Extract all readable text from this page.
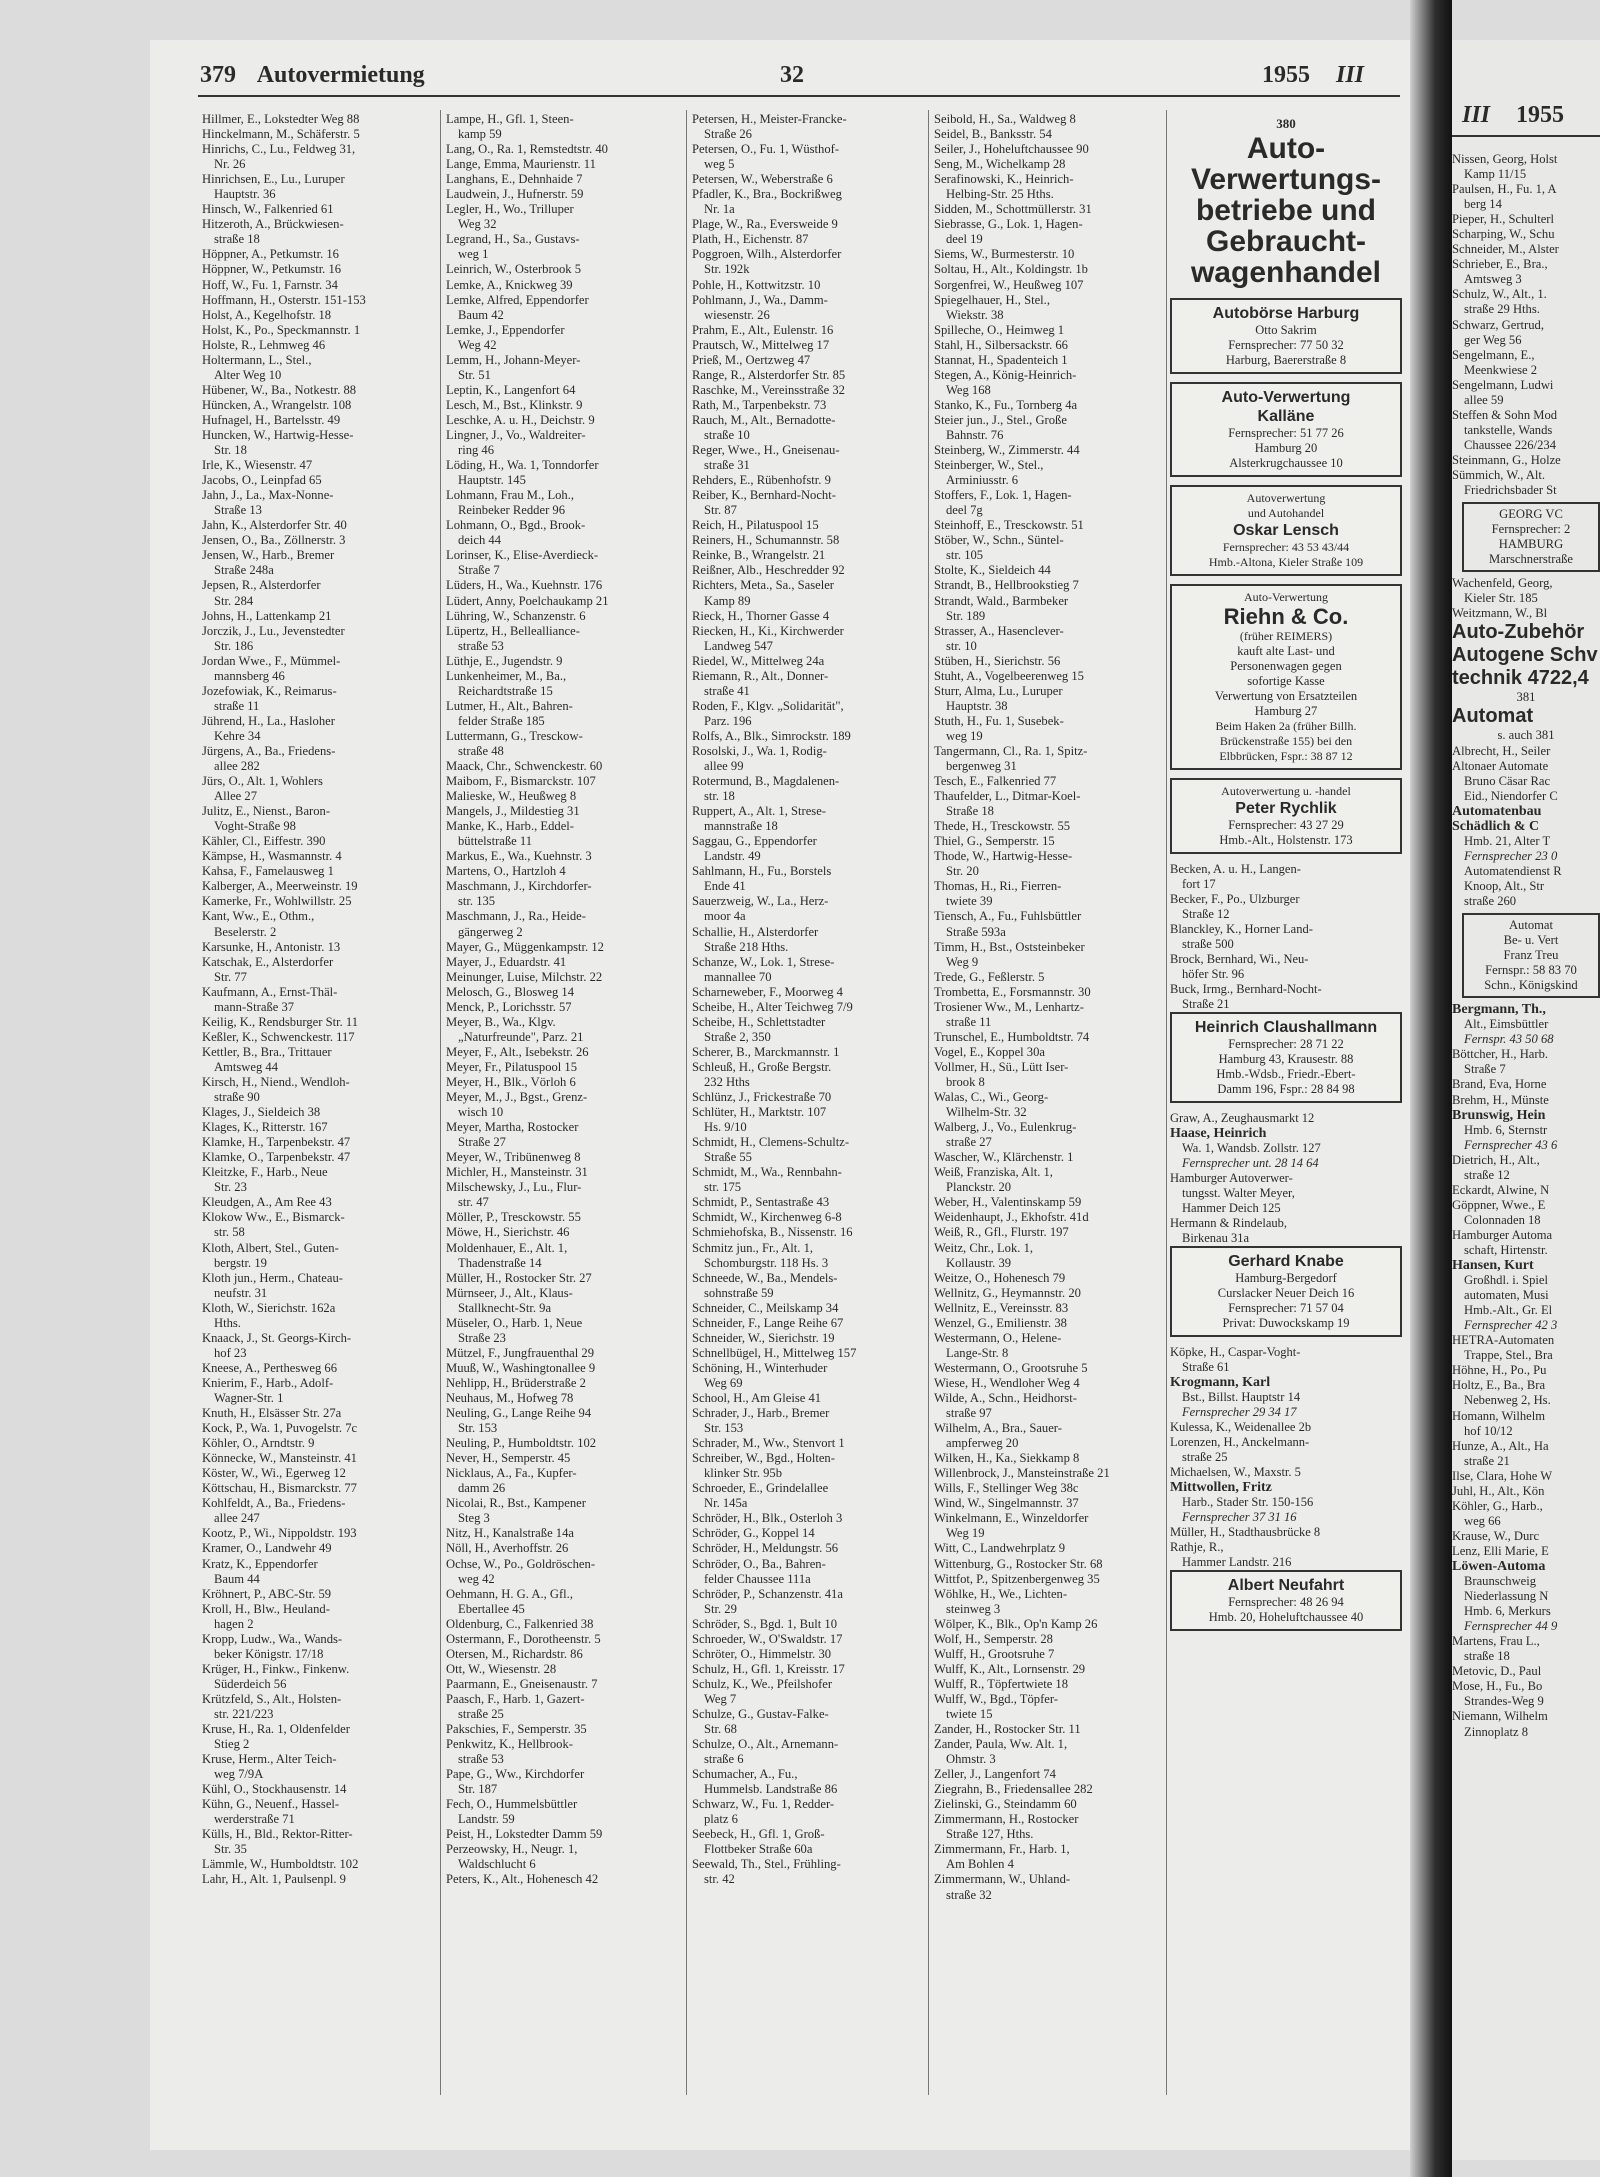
III 1955
Nissen, Georg, Holst
Kamp 11/15
Paulsen, H., Fu. 1, A
berg 14
Pieper, H., Schulterl
Scharping, W., Schu
Schneider, M., Alster
Schrieber, E., Bra.,
Amtsweg 3
Schulz, W., Alt., 1.
straße 29 Hths.
Schwarz, Gertrud,
ger Weg 56
Sengelmann, E.,
Meenkwiese 2
Sengelmann, Ludwi
allee 59
Steffen & Sohn Mod
tankstelle, Wands
Chaussee 226/234
Steinmann, G., Holze
Sümmich, W., Alt.
Friedrichsbader St
GEORG VC
Fernsprecher: 2
HAMBURG
Marschnerstraße
Wachenfeld, Georg,
Kieler Str. 185
Weitzmann, W., Bl
Auto-Zubehör
Autogene Schv
technik 4722,4
381
Automat
s. auch 381
Albrecht, H., Seiler
Altonaer Automate
Bruno Cäsar Rac
Eid., Niendorfer C
Automatenbau
Schädlich & C
Hmb. 21, Alter T
Fernsprecher 23 0
Automatendienst R
Knoop, Alt., Str
straße 260
Automat
Be- u. Vert
Franz Treu
Fernspr.: 58 83 70
Schn., Königskind
Bergmann, Th.,
Alt., Eimsbüttler
Fernspr. 43 50 68
Böttcher, H., Harb.
Straße 7
Brand, Eva, Horne
Brehm, H., Münste
Brunswig, Hein
Hmb. 6, Sternstr
Fernsprecher 43 6
Dietrich, H., Alt.,
straße 12
Eckardt, Alwine, N
Göppner, Wwe., E
Colonnaden 18
Hamburger Automa
schaft, Hirtenstr.
Hansen, Kurt
Großhdl. i. Spiel
automaten, Musi
Hmb.-Alt., Gr. El
Fernsprecher 42 3
HETRA-Automaten
Trappe, Stel., Bra
Höhne, H., Po., Pu
Holtz, E., Ba., Bra
Nebenweg 2, Hs.
Homann, Wilhelm
hof 10/12
Hunze, A., Alt., Ha
straße 21
Ilse, Clara, Hohe W
Juhl, H., Alt., Kön
Köhler, G., Harb.,
weg 66
Krause, W., Durc
Lenz, Elli Marie, E
Löwen-Automa
Braunschweig
Niederlassung N
Hmb. 6, Merkurs
Fernsprecher 44 9
Martens, Frau L.,
straße 18
Metovic, D., Paul
Mose, H., Fu., Bo
Strandes-Weg 9
Niemann, Wilhelm
Zinnoplatz 8
379 Autovermietung	32	1955 III
Hillmer, E., Lokstedter Weg 88
Hinckelmann, M., Schäferstr. 5
Hinrichs, C., Lu., Feldweg 31,
Nr. 26
Hinrichsen, E., Lu., Luruper
Hauptstr. 36
Hinsch, W., Falkenried 61
Hitzeroth, A., Brückwiesen-
straße 18
Höppner, A., Petkumstr. 16
Höppner, W., Petkumstr. 16
Hoff, W., Fu. 1, Farnstr. 34
Hoffmann, H., Osterstr. 151-153
Holst, A., Kegelhofstr. 18
Holst, K., Po., Speckmannstr. 1
Holste, R., Lehmweg 46
Holtermann, L., Stel.,
Alter Weg 10
Hübener, W., Ba., Notkestr. 88
Hüncken, A., Wrangelstr. 108
Hufnagel, H., Bartelsstr. 49
Huncken, W., Hartwig-Hesse-
Str. 18
Irle, K., Wiesenstr. 47
Jacobs, O., Leinpfad 65
Jahn, J., La., Max-Nonne-
Straße 13
Jahn, K., Alsterdorfer Str. 40
Jensen, O., Ba., Zöllnerstr. 3
Jensen, W., Harb., Bremer
Straße 248a
Jepsen, R., Alsterdorfer
Str. 284
Johns, H., Lattenkamp 21
Jorczik, J., Lu., Jevenstedter
Str. 186
Jordan Wwe., F., Mümmel-
mannsberg 46
Jozefowiak, K., Reimarus-
straße 11
Jührend, H., La., Hasloher
Kehre 34
Jürgens, A., Ba., Friedens-
allee 282
Jürs, O., Alt. 1, Wohlers
Allee 27
Julitz, E., Nienst., Baron-
Voght-Straße 98
Kähler, Cl., Eiffestr. 390
Kämpse, H., Wasmannstr. 4
Kahsa, F., Famelausweg 1
Kalberger, A., Meerweinstr. 19
Kamerke, Fr., Wohlwillstr. 25
Kant, Ww., E., Othm.,
Beselerstr. 2
Karsunke, H., Antonistr. 13
Katschak, E., Alsterdorfer
Str. 77
Kaufmann, A., Ernst-Thäl-
mann-Straße 37
Keilig, K., Rendsburger Str. 11
Keßler, K., Schwenckestr. 117
Kettler, B., Bra., Trittauer
Amtsweg 44
Kirsch, H., Niend., Wendloh-
straße 90
Klages, J., Sieldeich 38
Klages, K., Ritterstr. 167
Klamke, H., Tarpenbekstr. 47
Klamke, O., Tarpenbekstr. 47
Kleitzke, F., Harb., Neue
Str. 23
Kleudgen, A., Am Ree 43
Klokow Ww., E., Bismarck-
str. 58
Kloth, Albert, Stel., Guten-
bergstr. 19
Kloth jun., Herm., Chateau-
neufstr. 31
Kloth, W., Sierichstr. 162a
Hths.
Knaack, J., St. Georgs-Kirch-
hof 23
Kneese, A., Perthesweg 66
Knierim, F., Harb., Adolf-
Wagner-Str. 1
Knuth, H., Elsässer Str. 27a
Kock, P., Wa. 1, Puvogelstr. 7c
Köhler, O., Arndtstr. 9
Könnecke, W., Mansteinstr. 41
Köster, W., Wi., Egerweg 12
Köttschau, H., Bismarckstr. 77
Kohlfeldt, A., Ba., Friedens-
allee 247
Kootz, P., Wi., Nippoldstr. 193
Kramer, O., Landwehr 49
Kratz, K., Eppendorfer
Baum 44
Kröhnert, P., ABC-Str. 59
Kroll, H., Blw., Heuland-
hagen 2
Kropp, Ludw., Wa., Wands-
beker Königstr. 17/18
Krüger, H., Finkw., Finkenw.
Süderdeich 56
Krützfeld, S., Alt., Holsten-
str. 221/223
Kruse, H., Ra. 1, Oldenfelder
Stieg 2
Kruse, Herm., Alter Teich-
weg 7/9A
Kühl, O., Stockhausenstr. 14
Kühn, G., Neuenf., Hassel-
werderstraße 71
Külls, H., Bld., Rektor-Ritter-
Str. 35
Lämmle, W., Humboldtstr. 102
Lahr, H., Alt. 1, Paulsenpl. 9
Lampe, H., Gfl. 1, Steen-
kamp 59
Lang, O., Ra. 1, Remstedtstr. 40
Lange, Emma, Maurienstr. 11
Langhans, E., Dehnhaide 7
Laudwein, J., Hufnerstr. 59
Legler, H., Wo., Trilluper
Weg 32
Legrand, H., Sa., Gustavs-
weg 1
Leinrich, W., Osterbrook 5
Lemke, A., Knickweg 39
Lemke, Alfred, Eppendorfer
Baum 42
Lemke, J., Eppendorfer
Weg 42
Lemm, H., Johann-Meyer-
Str. 51
Leptin, K., Langenfort 64
Lesch, M., Bst., Klinkstr. 9
Leschke, A. u. H., Deichstr. 9
Lingner, J., Vo., Waldreiter-
ring 46
Löding, H., Wa. 1, Tonndorfer
Hauptstr. 145
Lohmann, Frau M., Loh.,
Reinbeker Redder 96
Lohmann, O., Bgd., Brook-
deich 44
Lorinser, K., Elise-Averdieck-
Straße 7
Lüders, H., Wa., Kuehnstr. 176
Lüdert, Anny, Poelchaukamp 21
Lühring, W., Schanzenstr. 6
Lüpertz, H., Bellealliance-
straße 53
Lüthje, E., Jugendstr. 9
Lunkenheimer, M., Ba.,
Reichardtstraße 15
Lutmer, H., Alt., Bahren-
felder Straße 185
Luttermann, G., Tresckow-
straße 48
Maack, Chr., Schwenckestr. 60
Maibom, F., Bismarckstr. 107
Malieske, W., Heußweg 8
Mangels, J., Mildestieg 31
Manke, K., Harb., Eddel-
büttelstraße 11
Markus, E., Wa., Kuehnstr. 3
Martens, O., Hartzloh 4
Maschmann, J., Kirchdorfer-
str. 135
Maschmann, J., Ra., Heide-
gängerweg 2
Mayer, G., Müggenkampstr. 12
Mayer, J., Eduardstr. 41
Meinunger, Luise, Milchstr. 22
Melosch, G., Blosweg 14
Menck, P., Lorichsstr. 57
Meyer, B., Wa., Klgv.
„Naturfreunde", Parz. 21
Meyer, F., Alt., Isebekstr. 26
Meyer, Fr., Pilatuspool 15
Meyer, H., Blk., Vörloh 6
Meyer, M., J., Bgst., Grenz-
wisch 10
Meyer, Martha, Rostocker
Straße 27
Meyer, W., Tribünenweg 8
Michler, H., Mansteinstr. 31
Milschewsky, J., Lu., Flur-
str. 47
Möller, P., Tresckowstr. 55
Möwe, H., Sierichstr. 46
Moldenhauer, E., Alt. 1,
Thadenstraße 14
Müller, H., Rostocker Str. 27
Mürnseer, J., Alt., Klaus-
Stallknecht-Str. 9a
Müseler, O., Harb. 1, Neue
Straße 23
Mützel, F., Jungfrauenthal 29
Muuß, W., Washingtonallee 9
Nehlipp, H., Brüderstraße 2
Neuhaus, M., Hofweg 78
Neuling, G., Lange Reihe 94
Str. 153
Neuling, P., Humboldtstr. 102
Never, H., Semperstr. 45
Nicklaus, A., Fa., Kupfer-
damm 26
Nicolai, R., Bst., Kampener
Steg 3
Nitz, H., Kanalstraße 14a
Nöll, H., Averhoffstr. 26
Ochse, W., Po., Goldröschen-
weg 42
Oehmann, H. G. A., Gfl.,
Ebertallee 45
Oldenburg, C., Falkenried 38
Ostermann, F., Dorotheenstr. 5
Otersen, M., Richardstr. 86
Ott, W., Wiesenstr. 28
Paarmann, E., Gneisenaustr. 7
Paasch, F., Harb. 1, Gazert-
straße 25
Pakschies, F., Semperstr. 35
Penkwitz, K., Hellbrook-
straße 53
Pape, G., Ww., Kirchdorfer
Str. 187
Fech, O., Hummelsbüttler
Landstr. 59
Peist, H., Lokstedter Damm 59
Perzeowsky, H., Neugr. 1,
Waldschlucht 6
Peters, K., Alt., Hohenesch 42
Petersen, H., Meister-Francke-
Straße 26
Petersen, O., Fu. 1, Wüsthof-
weg 5
Petersen, W., Weberstraße 6
Pfadler, K., Bra., Bockrißweg
Nr. 1a
Plage, W., Ra., Eversweide 9
Plath, H., Eichenstr. 87
Poggroen, Wilh., Alsterdorfer
Str. 192k
Pohle, H., Kottwitzstr. 10
Pohlmann, J., Wa., Damm-
wiesenstr. 26
Prahm, E., Alt., Eulenstr. 16
Prautsch, W., Mittelweg 17
Prieß, M., Oertzweg 47
Range, R., Alsterdorfer Str. 85
Raschke, M., Vereinsstraße 32
Rath, M., Tarpenbekstr. 73
Rauch, M., Alt., Bernadotte-
straße 10
Reger, Wwe., H., Gneisenau-
straße 31
Rehders, E., Rübenhofstr. 9
Reiber, K., Bernhard-Nocht-
Str. 87
Reich, H., Pilatuspool 15
Reiners, H., Schumannstr. 58
Reinke, B., Wrangelstr. 21
Reißner, Alb., Heschredder 92
Richters, Meta., Sa., Saseler
Kamp 89
Rieck, H., Thorner Gasse 4
Riecken, H., Ki., Kirchwerder
Landweg 547
Riedel, W., Mittelweg 24a
Riemann, R., Alt., Donner-
straße 41
Roden, F., Klgv. „Solidarität",
Parz. 196
Rolfs, A., Blk., Simrockstr. 189
Rosolski, J., Wa. 1, Rodig-
allee 99
Rotermund, B., Magdalenen-
str. 18
Ruppert, A., Alt. 1, Strese-
mannstraße 18
Saggau, G., Eppendorfer
Landstr. 49
Sahlmann, H., Fu., Borstels
Ende 41
Sauerzweig, W., La., Herz-
moor 4a
Schallie, H., Alsterdorfer
Straße 218 Hths.
Schanze, W., Lok. 1, Strese-
mannallee 70
Scharneweber, F., Moorweg 4
Scheibe, H., Alter Teichweg 7/9
Scheibe, H., Schlettstadter
Straße 2, 350
Scherer, B., Marckmannstr. 1
Schleuß, H., Große Bergstr.
232 Hths
Schlünz, J., Frickestraße 70
Schlüter, H., Marktstr. 107
Hs. 9/10
Schmidt, H., Clemens-Schultz-
Straße 55
Schmidt, M., Wa., Rennbahn-
str. 175
Schmidt, P., Sentastraße 43
Schmidt, W., Kirchenweg 6-8
Schmiehofska, B., Nissenstr. 16
Schmitz jun., Fr., Alt. 1,
Schomburgstr. 118 Hs. 3
Schneede, W., Ba., Mendels-
sohnstraße 59
Schneider, C., Meilskamp 34
Schneider, F., Lange Reihe 67
Schneider, W., Sierichstr. 19
Schnellbügel, H., Mittelweg 157
Schöning, H., Winterhuder
Weg 69
School, H., Am Gleise 41
Schrader, J., Harb., Bremer
Str. 153
Schrader, M., Ww., Stenvort 1
Schreiber, W., Bgd., Holten-
klinker Str. 95b
Schroeder, E., Grindelallee
Nr. 145a
Schröder, H., Blk., Osterloh 3
Schröder, G., Koppel 14
Schröder, H., Meldungstr. 56
Schröder, O., Ba., Bahren-
felder Chaussee 111a
Schröder, P., Schanzenstr. 41a
Str. 29
Schröder, S., Bgd. 1, Bult 10
Schroeder, W., O'Swaldstr. 17
Schröter, O., Himmelstr. 30
Schulz, H., Gfl. 1, Kreisstr. 17
Schulz, K., We., Pfeilshofer
Weg 7
Schulze, G., Gustav-Falke-
Str. 68
Schulze, O., Alt., Arnemann-
straße 6
Schumacher, A., Fu.,
Hummelsb. Landstraße 86
Schwarz, W., Fu. 1, Redder-
platz 6
Seebeck, H., Gfl. 1, Groß-
Flottbeker Straße 60a
Seewald, Th., Stel., Frühling-
str. 42
Seibold, H., Sa., Waldweg 8
Seidel, B., Banksstr. 54
Seiler, J., Hoheluftchaussee 90
Seng, M., Wichelkamp 28
Serafinowski, K., Heinrich-
Helbing-Str. 25 Hths.
Sidden, M., Schottmüllerstr. 31
Siebrasse, G., Lok. 1, Hagen-
deel 19
Siems, W., Burmesterstr. 10
Soltau, H., Alt., Koldingstr. 1b
Sorgenfrei, W., Heußweg 107
Spiegelhauer, H., Stel.,
Wiekstr. 38
Spilleche, O., Heimweg 1
Stahl, H., Silbersackstr. 66
Stannat, H., Spadenteich 1
Stegen, A., König-Heinrich-
Weg 168
Stanko, K., Fu., Tornberg 4a
Steier jun., J., Stel., Große
Bahnstr. 76
Steinberg, W., Zimmerstr. 44
Steinberger, W., Stel.,
Arminiusstr. 6
Stoffers, F., Lok. 1, Hagen-
deel 7g
Steinhoff, E., Tresckowstr. 51
Stöber, W., Schn., Süntel-
str. 105
Stolte, K., Sieldeich 44
Strandt, B., Hellbrookstieg 7
Strandt, Wald., Barmbeker
Str. 189
Strasser, A., Hasenclever-
str. 10
Stüben, H., Sierichstr. 56
Stuht, A., Vogelbeerenweg 15
Sturr, Alma, Lu., Luruper
Hauptstr. 38
Stuth, H., Fu. 1, Susebek-
weg 19
Tangermann, Cl., Ra. 1, Spitz-
bergenweg 31
Tesch, E., Falkenried 77
Thaufelder, L., Ditmar-Koel-
Straße 18
Thede, H., Tresckowstr. 55
Thiel, G., Semperstr. 15
Thode, W., Hartwig-Hesse-
Str. 20
Thomas, H., Ri., Fierren-
twiete 39
Tiensch, A., Fu., Fuhlsbüttler
Straße 593a
Timm, H., Bst., Oststeinbeker
Weg 9
Trede, G., Feßlerstr. 5
Trombetta, E., Forsmannstr. 30
Trosiener Ww., M., Lenhartz-
straße 11
Trunschel, E., Humboldtstr. 74
Vogel, E., Koppel 30a
Vollmer, H., Sü., Lütt Iser-
brook 8
Walas, C., Wi., Georg-
Wilhelm-Str. 32
Walberg, J., Vo., Eulenkrug-
straße 27
Wascher, W., Klärchenstr. 1
Weiß, Franziska, Alt. 1,
Planckstr. 20
Weber, H., Valentinskamp 59
Weidenhaupt, J., Ekhofstr. 41d
Weiß, R., Gfl., Flurstr. 197
Weitz, Chr., Lok. 1,
Kollaustr. 39
Weitze, O., Hohenesch 79
Wellnitz, G., Heymannstr. 20
Wellnitz, E., Vereinsstr. 83
Wenzel, G., Emilienstr. 38
Westermann, O., Helene-
Lange-Str. 8
Westermann, O., Grootsruhe 5
Wiese, H., Wendloher Weg 4
Wilde, A., Schn., Heidhorst-
straße 97
Wilhelm, A., Bra., Sauer-
ampferweg 20
Wilken, H., Ka., Siekkamp 8
Willenbrock, J., Mansteinstraße 21
Wills, F., Stellinger Weg 38c
Wind, W., Singelmannstr. 37
Winkelmann, E., Winzeldorfer
Weg 19
Witt, C., Landwehrplatz 9
Wittenburg, G., Rostocker Str. 68
Wittfot, P., Spitzenbergenweg 35
Wöhlke, H., We., Lichten-
steinweg 3
Wölper, K., Blk., Op'n Kamp 26
Wolf, H., Semperstr. 28
Wulff, H., Grootsruhe 7
Wulff, K., Alt., Lornsenstr. 29
Wulff, R., Töpfertwiete 18
Wulff, W., Bgd., Töpfer-
twiete 15
Zander, H., Rostocker Str. 11
Zander, Paula, Ww. Alt. 1,
Ohmstr. 3
Zeller, J., Langenfort 74
Ziegrahn, B., Friedensallee 282
Zielinski, G., Steindamm 60
Zimmermann, H., Rostocker
Straße 127, Hths.
Zimmermann, Fr., Harb. 1,
Am Bohlen 4
Zimmermann, W., Uhland-
straße 32
380
Auto-
Verwertungs-
betriebe und
Gebraucht-
wagenhandel
Autobörse Harburg
Otto Sakrim
Fernsprecher: 77 50 32
Harburg, Baererstraße 8
Auto-Verwertung
Kalläne
Fernsprecher: 51 77 26
Hamburg 20
Alsterkrugchaussee 10
Autoverwertung
und Autohandel
Oskar Lensch
Fernsprecher: 43 53 43/44
Hmb.-Altona, Kieler Straße 109
Auto-Verwertung
Riehn & Co.
(früher REIMERS)
kauft alte Last- und
Personenwagen gegen
sofortige Kasse
Verwertung von Ersatzteilen
Hamburg 27
Beim Haken 2a (früher Billh.
Brückenstraße 155) bei den
Elbbrücken, Fspr.: 38 87 12
Autoverwertung u. -handel
Peter Rychlik
Fernsprecher: 43 27 29
Hmb.-Alt., Holstenstr. 173
Becken, A. u. H., Langen-
fort 17
Becker, F., Po., Ulzburger
Straße 12
Blanckley, K., Horner Land-
straße 500
Brock, Bernhard, Wi., Neu-
höfer Str. 96
Buck, Irmg., Bernhard-Nocht-
Straße 21
Heinrich Claushallmann
Fernsprecher: 28 71 22
Hamburg 43, Krausestr. 88
Hmb.-Wdsb., Friedr.-Ebert-
Damm 196, Fspr.: 28 84 98
Graw, A., Zeughausmarkt 12
Haase, Heinrich
Wa. 1, Wandsb. Zollstr. 127
Fernsprecher unt. 28 14 64
Hamburger Autoverwer-
tungsst. Walter Meyer,
Hammer Deich 125
Hermann & Rindelaub,
Birkenau 31a
Gerhard Knabe
Hamburg-Bergedorf
Curslacker Neuer Deich 16
Fernsprecher: 71 57 04
Privat: Duwockskamp 19
Köpke, H., Caspar-Voght-
Straße 61
Krogmann, Karl
Bst., Billst. Hauptstr 14
Fernsprecher 29 34 17
Kulessa, K., Weidenallee 2b
Lorenzen, H., Anckelmann-
straße 25
Michaelsen, W., Maxstr. 5
Mittwollen, Fritz
Harb., Stader Str. 150-156
Fernsprecher 37 31 16
Müller, H., Stadthausbrücke 8
Rathje, R.,
Hammer Landstr. 216
Albert Neufahrt
Fernsprecher: 48 26 94
Hmb. 20, Hoheluftchaussee 40
